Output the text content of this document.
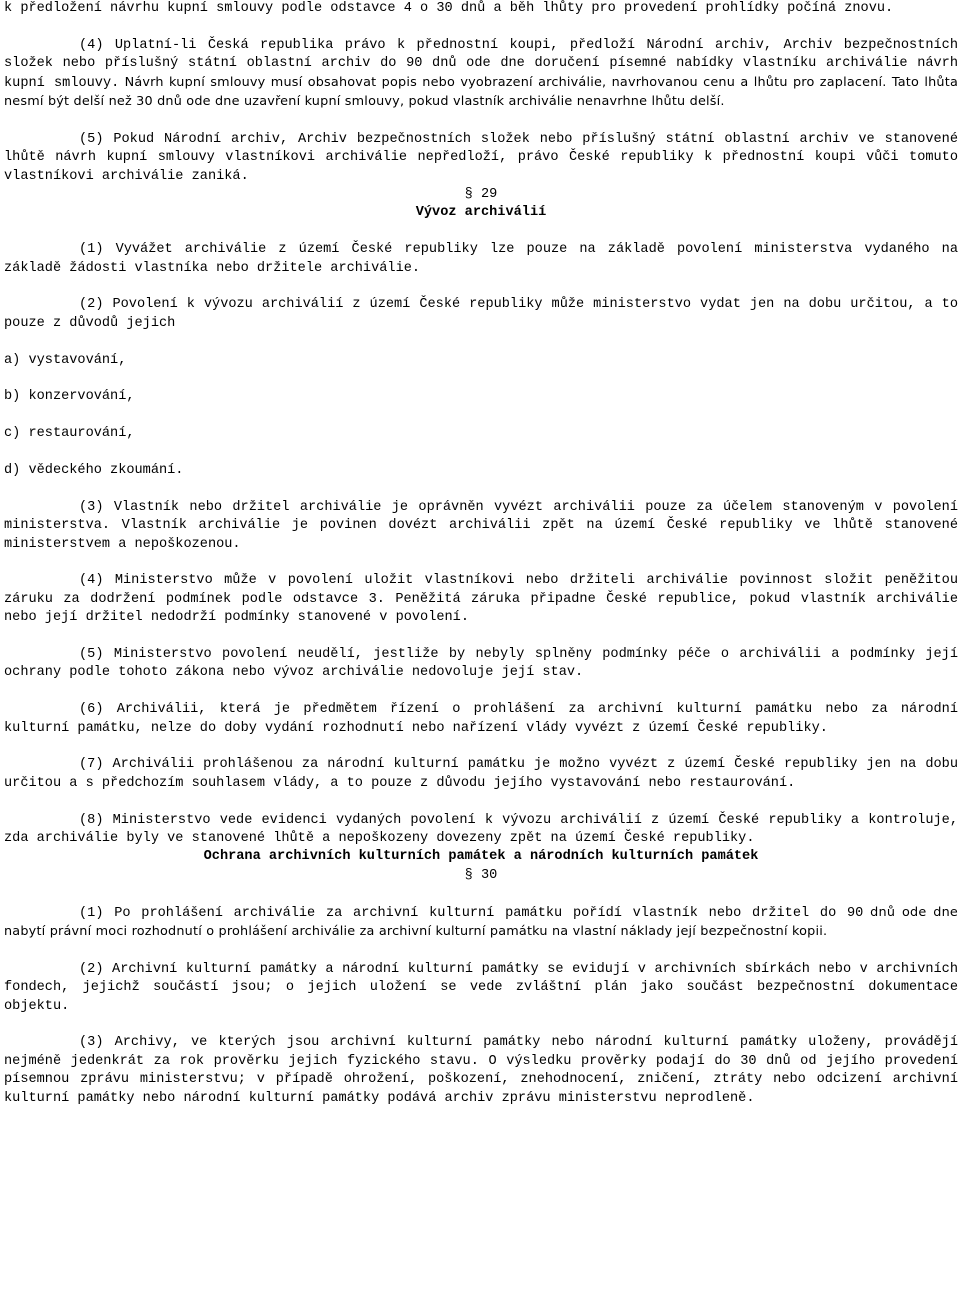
k předložení návrhu kupní smlouvy podle odstavce 4 o 30 dnů a běh lhůty pro provedení prohlídky počíná znovu.

(4) Uplatní-li Česká republika právo k přednostní koupi, předloží Národní archiv, Archiv bezpečnostních složek nebo příslušný státní oblastní archiv do 90 dnů ode dne doručení písemné nabídky vlastníku archiválie návrh kupní smlouvy. Návrh kupní smlouvy musí obsahovat popis nebo vyobrazení archiválie, navrhovanou cenu a lhůtu pro zaplacení. Tato lhůta nesmí být delší než 30 dnů ode dne uzavření kupní smlouvy, pokud vlastník archiválie nenavrhne lhůtu delší.

(5) Pokud Národní archiv, Archiv bezpečnostních složek nebo příslušný státní oblastní archiv ve stanovené lhůtě návrh kupní smlouvy vlastníkovi archiválie nepředloží, právo České republiky k přednostní koupi vůči tomuto vlastníkovi archiválie zaniká.

§ 29

Vývoz archiválií

(1) Vyvážet archiválie z území České republiky lze pouze na základě povolení ministerstva vydaného na základě žádosti vlastníka nebo držitele archiválie.

(2) Povolení k vývozu archiválií z území České republiky může ministerstvo vydat jen na dobu určitou, a to pouze z důvodů jejich

a) vystavování,

b) konzervování,

c) restaurování,

d) vědeckého zkoumání.

(3) Vlastník nebo držitel archiválie je oprávněn vyvézt archiválii pouze za účelem stanoveným v povolení ministerstva. Vlastník archiválie je povinen dovézt archiválii zpět na území České republiky ve lhůtě stanovené ministerstvem a nepoškozenou.

(4) Ministerstvo může v povolení uložit vlastníkovi nebo držiteli archiválie povinnost složit peněžitou záruku za dodržení podmínek podle odstavce 3. Peněžitá záruka připadne České republice, pokud vlastník archiválie nebo její držitel nedodrží podmínky stanovené v povolení.

(5) Ministerstvo povolení neudělí, jestliže by nebyly splněny podmínky péče o archiválii a podmínky její ochrany podle tohoto zákona nebo vývoz archiválie nedovoluje její stav.

(6) Archiválii, která je předmětem řízení o prohlášení za archivní kulturní památku nebo za národní kulturní památku, nelze do doby vydání rozhodnutí nebo nařízení vlády vyvézt z území České republiky.

(7) Archiválii prohlášenou za národní kulturní památku je možno vyvézt z území České republiky jen na dobu určitou a s předchozím souhlasem vlády, a to pouze z důvodu jejího vystavování nebo restaurování.

(8) Ministerstvo vede evidenci vydaných povolení k vývozu archiválií z území České republiky a kontroluje, zda archiválie byly ve stanovené lhůtě a nepoškozeny dovezeny zpět na území České republiky.

Ochrana archivních kulturních památek a národních kulturních památek

§ 30

(1) Po prohlášení archiválie za archivní kulturní památku pořídí vlastník nebo držitel do 90 dnů ode dne nabytí právní moci rozhodnutí o prohlášení archiválie za archivní kulturní památku na vlastní náklady její bezpečnostní kopii.

(2) Archivní kulturní památky a národní kulturní památky se evidují v archivních sbírkách nebo v archivních fondech, jejichž součástí jsou; o jejich uložení se vede zvláštní plán jako součást bezpečnostní dokumentace objektu.

(3) Archivy, ve kterých jsou archivní kulturní památky nebo národní kulturní památky uloženy, provádějí nejméně jedenkrát za rok prověrku jejich fyzického stavu. O výsledku prověrky podají do 30 dnů od jejího provedení písemnou zprávu ministerstvu; v případě ohrožení, poškození, znehodnocení, zničení, ztráty nebo odcizení archivní kulturní památky nebo národní kulturní památky podává archiv zprávu ministerstvu neprodleně.
